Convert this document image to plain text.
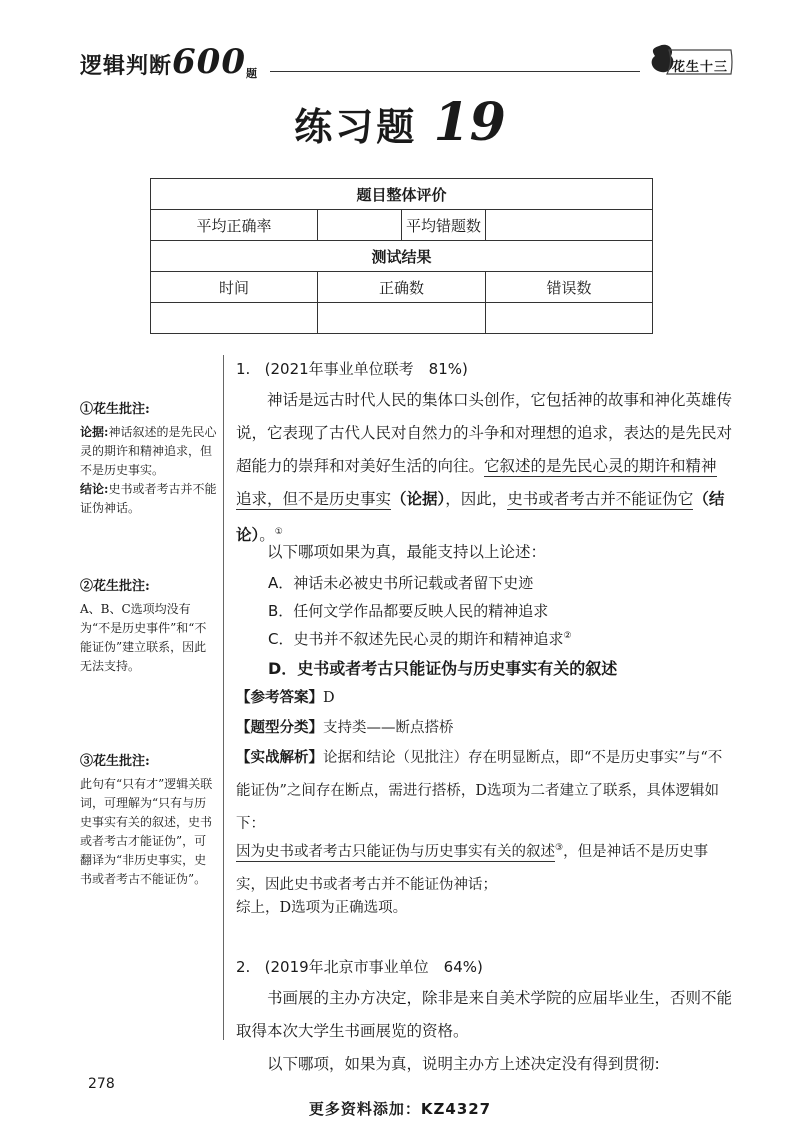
逻辑判断600题	花生十三
练习题 19
题目整体评价
平均正确率		平均错题数	
测试结果
时间	正确数	错误数

①花生批注:
论据:神话叙述的是先民心灵的期许和精神追求，但不是历史事实。
结论:史书或者考古并不能证伪神话。
②花生批注:
A、B、C选项均没有为“不是历史事件”和“不能证伪”建立联系，因此无法支持。
③花生批注:
此句有“只有才”逻辑关联词，可理解为“只有与历史事实有关的叙述，史书或者考古才能证伪”，可翻译为“非历史事实，史书或者考古不能证伪”。
1. (2021年事业单位联考　81%)
神话是远古时代人民的集体口头创作，它包括神的故事和神化英雄传说，它表现了古代人民对自然力的斗争和对理想的追求，表达的是先民对超能力的崇拜和对美好生活的向往。它叙述的是先民心灵的期许和精神追求，但不是历史事实（论据），因此，史书或者考古并不能证伪它（结论）。①
以下哪项如果为真，最能支持以上论述：
A．神话未必被史书所记载或者留下史迹
B．任何文学作品都要反映人民的精神追求
C．史书并不叙述先民心灵的期许和精神追求②
D．史书或者考古只能证伪与历史事实有关的叙述
【参考答案】D
【题型分类】支持类——断点搭桥
【实战解析】论据和结论（见批注）存在明显断点，即“不是历史事实”与“不能证伪”之间存在断点，需进行搭桥，D选项为二者建立了联系，具体逻辑如下：
因为史书或者考古只能证伪与历史事实有关的叙述③，但是神话不是历史事实，因此史书或者考古并不能证伪神话；
综上，D选项为正确选项。
2. (2019年北京市事业单位　64%)
书画展的主办方决定，除非是来自美术学院的应届毕业生，否则不能取得本次大学生书画展览的资格。
以下哪项，如果为真，说明主办方上述决定没有得到贯彻:
278
更多资料添加：KZ4327
